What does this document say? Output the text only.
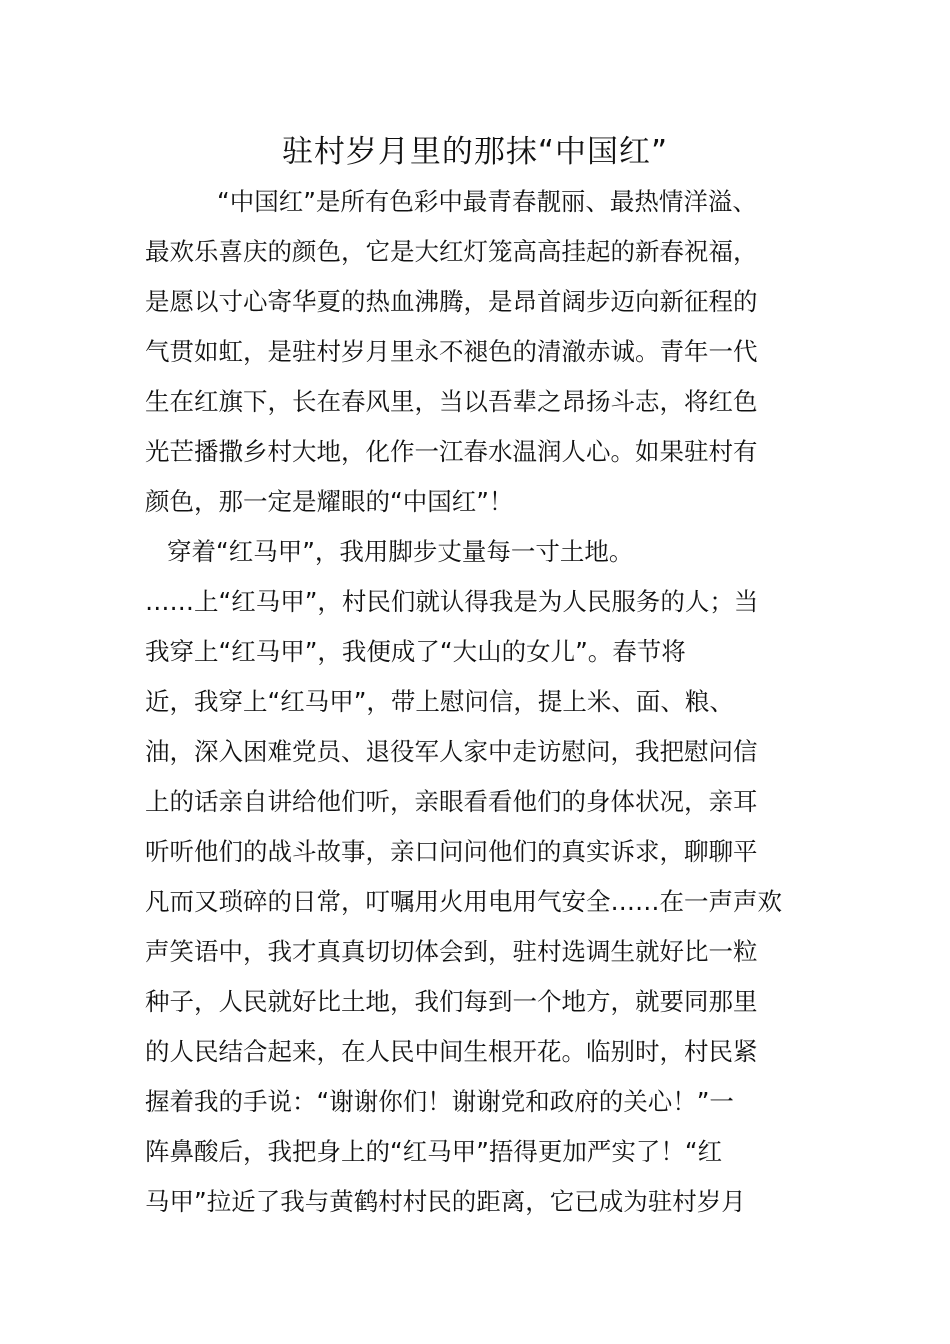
驻村岁月里的那抹“中国红”
“中国红”是所有色彩中最青春靓丽、最热情洋溢、
最欢乐喜庆的颜色，它是大红灯笼高高挂起的新春祝福，
是愿以寸心寄华夏的热血沸腾，是昂首阔步迈向新征程的
气贯如虹，是驻村岁月里永不褪色的清澈赤诚。青年一代
生在红旗下，长在春风里，当以吾辈之昂扬斗志，将红色
光芒播撒乡村大地，化作一江春水温润人心。如果驻村有
颜色，那一定是耀眼的“中国红”！
穿着“红马甲”，我用脚步丈量每一寸土地。
……上“红马甲”，村民们就认得我是为人民服务的人；当
我穿上“红马甲”，我便成了“大山的女儿”。春节将
近，我穿上“红马甲”，带上慰问信，提上米、面、粮、
油，深入困难党员、退役军人家中走访慰问，我把慰问信
上的话亲自讲给他们听，亲眼看看他们的身体状况，亲耳
听听他们的战斗故事，亲口问问他们的真实诉求，聊聊平
凡而又琐碎的日常，叮嘱用火用电用气安全……在一声声欢
声笑语中，我才真真切切体会到，驻村选调生就好比一粒
种子，人民就好比土地，我们每到一个地方，就要同那里
的人民结合起来，在人民中间生根开花。临别时，村民紧
握着我的手说：“谢谢你们！谢谢党和政府的关心！”一
阵鼻酸后，我把身上的“红马甲”捂得更加严实了！“红
马甲”拉近了我与黄鹤村村民的距离，它已成为驻村岁月
